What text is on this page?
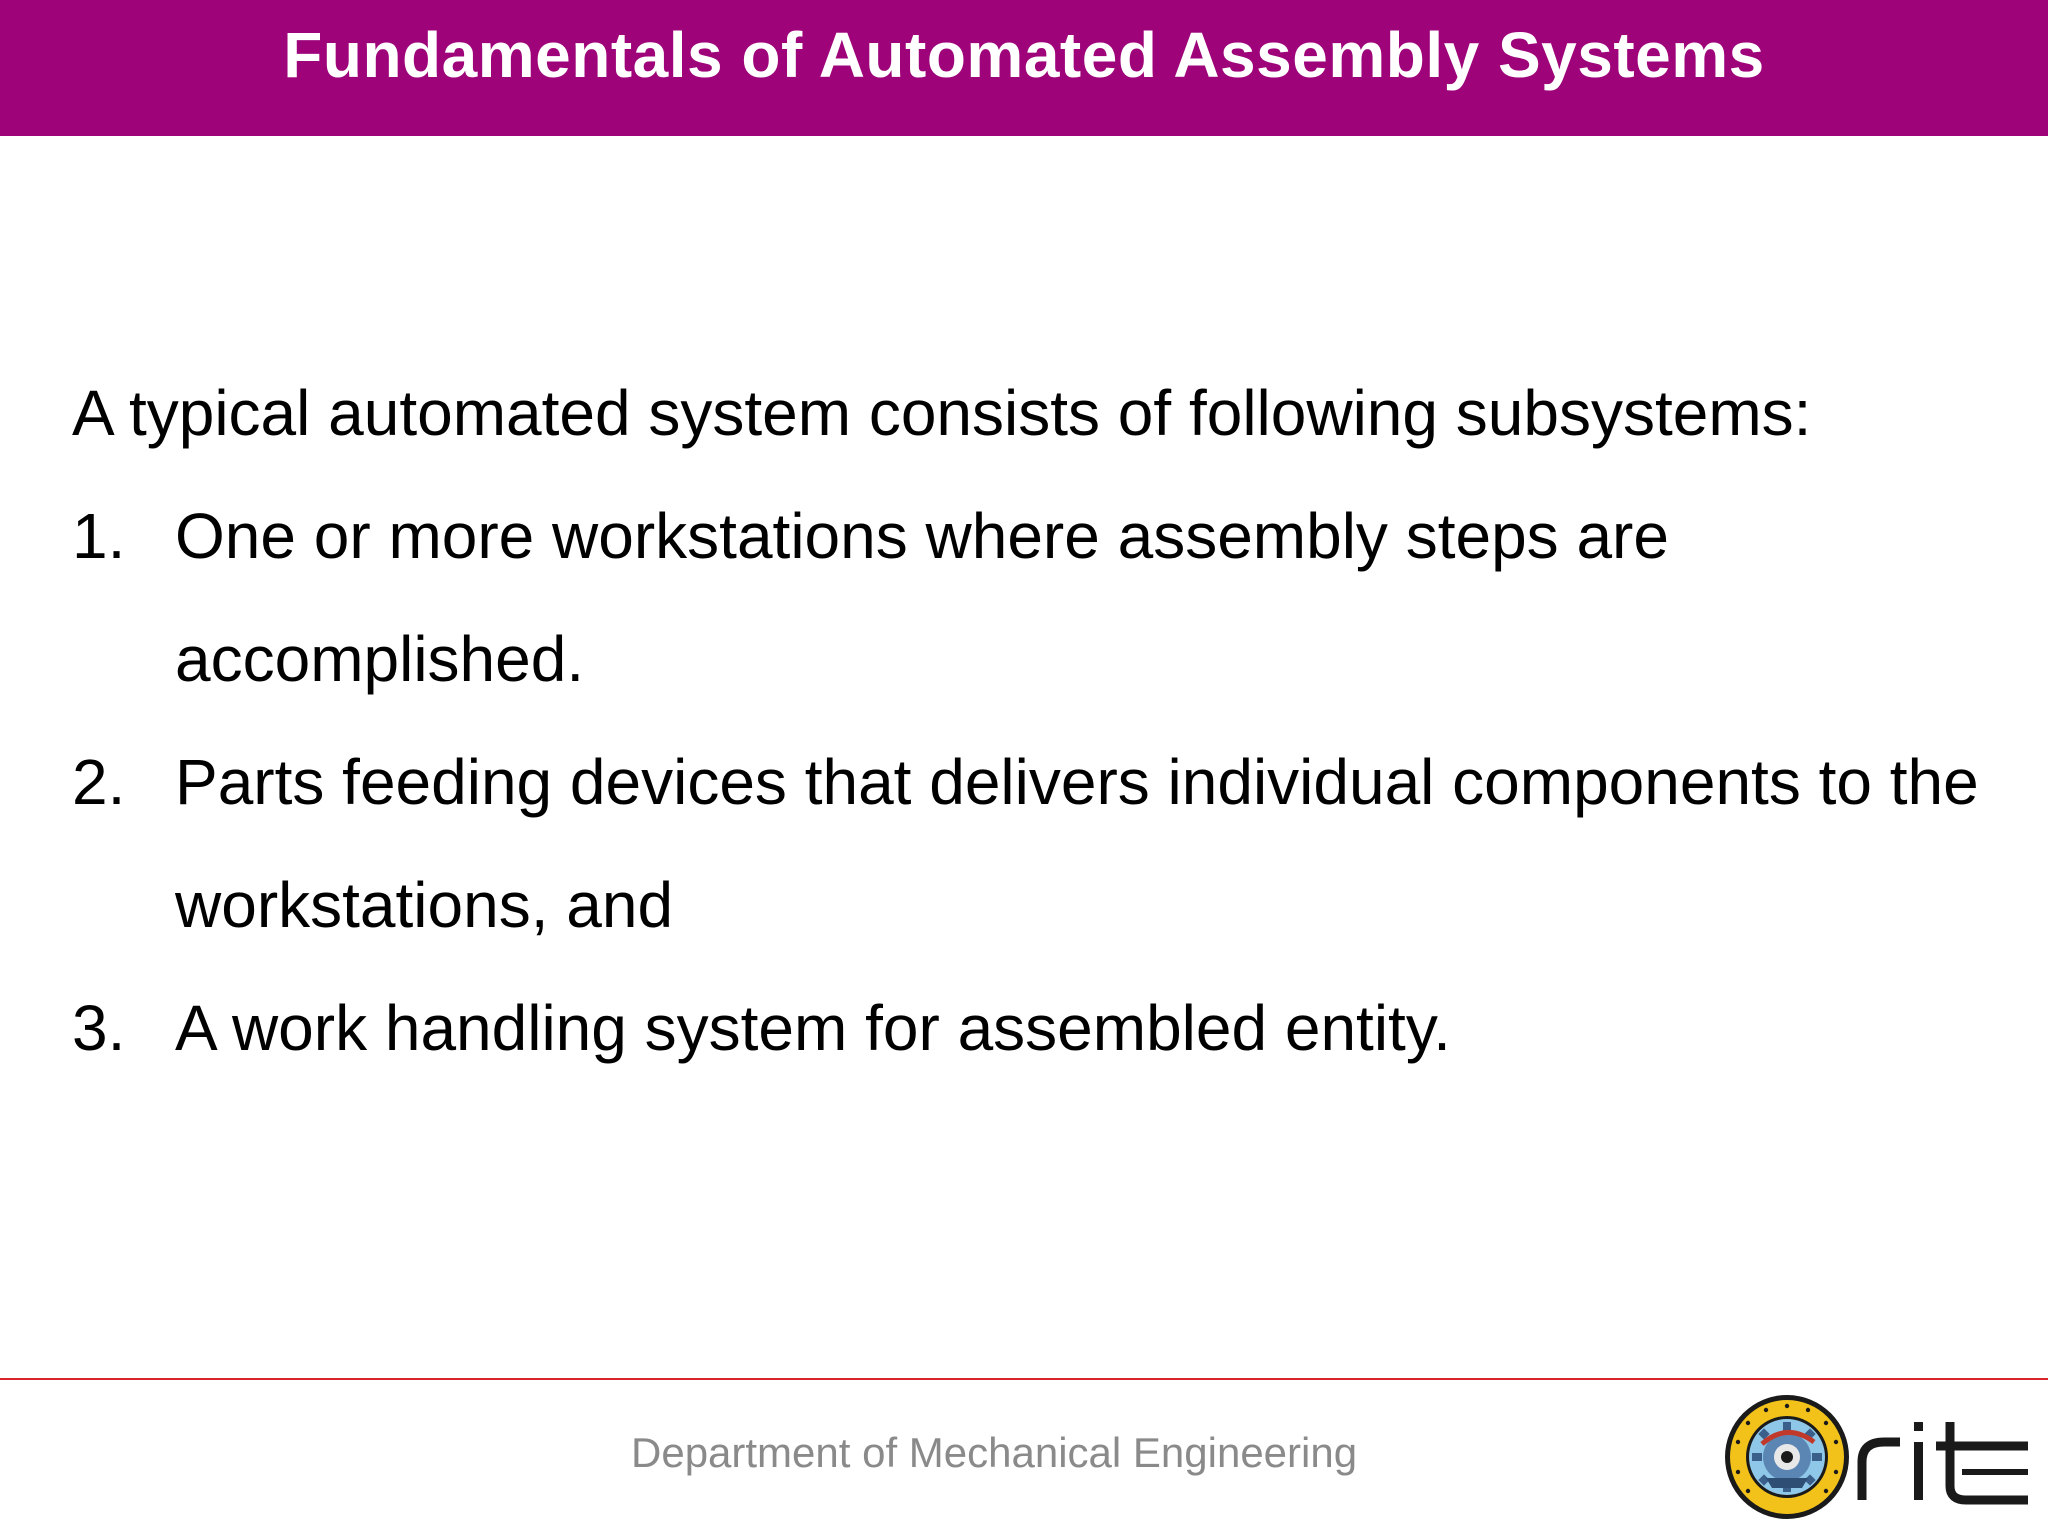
Fundamentals of Automated Assembly Systems
A typical automated system consists of following subsystems:
1. One or more workstations where assembly steps are accomplished.
2. Parts feeding devices that delivers individual components to the workstations, and
3. A work handling system for assembled entity.
Department of Mechanical Engineering
